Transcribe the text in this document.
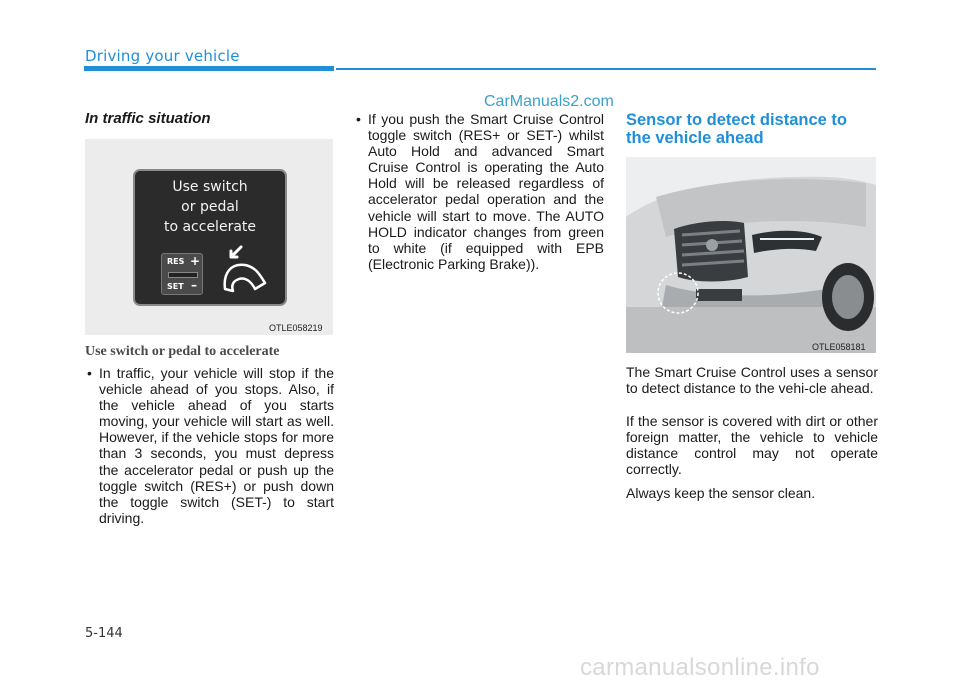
Driving your vehicle
CarManuals2.com
In traffic situation
Use switch
or pedal
to accelerate
RES +
SET –
OTLE058219
Use switch or pedal to accelerate
• In traffic, your vehicle will stop if the vehicle ahead of you stops. Also, if the vehicle ahead of you starts moving, your vehicle will start as well. However, if the vehicle stops for more than 3 seconds, you must depress the accelerator pedal or push up the toggle switch (RES+) or push down the toggle switch (SET-) to start driving.
• If you push the Smart Cruise Control toggle switch (RES+ or SET-) whilst Auto Hold and advanced Smart Cruise Control is operating the Auto Hold will be released regardless of accelerator pedal operation and the vehicle will start to move. The AUTO HOLD indicator changes from green to white (if equipped with EPB (Electronic Parking Brake)).
Sensor to detect distance to the vehicle ahead
OTLE058181
The Smart Cruise Control uses a sensor to detect distance to the vehi-cle ahead.
If the sensor is covered with dirt or other foreign matter, the vehicle to vehicle distance control may not operate correctly.
Always keep the sensor clean.
5-144
carmanualsonline.info
